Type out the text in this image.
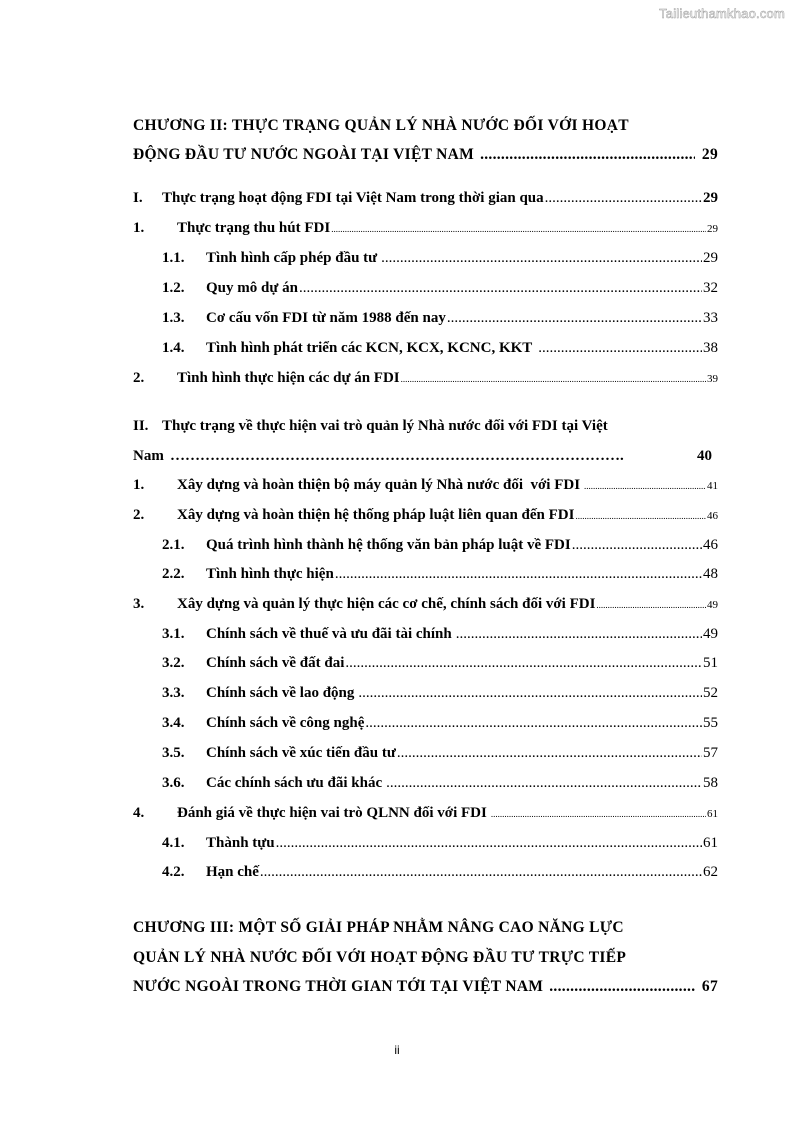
Tailieuthamkhao.com
CHƯƠNG II: THỰC TRẠNG QUẢN LÝ NHÀ NƯỚC ĐỐI VỚI HOẠT
ĐỘNG ĐẦU TƯ NƯỚC NGOÀI TẠI VIỆT NAM .....	29
I.	Thực trạng hoạt động FDI tại Việt Nam trong thời gian qua .....	29
1.	Thực trạng thu hút FDI .....	29
1.1.	Tình hình cấp phép đầu tư .....	29
1.2.	Quy mô dự án .....	32
1.3.	Cơ cấu vốn FDI từ năm 1988 đến nay .....	33
1.4.	Tình hình phát triển các KCN, KCX, KCNC, KKT .....	38
2.	Tình hình thực hiện các dự án FDI .....	39
II. Thực trạng về thực hiện vai trò quản lý Nhà nước đối với FDI tại Việt
Nam ……………………………………………………………………………….	40
1.	Xây dựng và hoàn thiện bộ máy quản lý Nhà nước đối  với FDI .....	41
2.	Xây dựng và hoàn thiện hệ thống pháp luật liên quan đến FDI .....	46
2.1.	Quá trình hình thành hệ thống văn bản pháp luật về FDI .....	46
2.2.	Tình hình thực hiện .....	48
3.	Xây dựng và quản lý thực hiện các cơ chế, chính sách đối với FDI .....	49
3.1.	Chính sách về thuế và ưu đãi tài chính .....	49
3.2.	Chính sách về đất đai .....	51
3.3.	Chính sách về lao động .....	52
3.4.	Chính sách về công nghệ .....	55
3.5.	Chính sách về xúc tiến đầu tư .....	57
3.6.	Các chính sách ưu đãi khác .....	58
4.	Đánh giá về thực hiện vai trò QLNN đối với FDI .....	61
4.1.	Thành tựu .....	61
4.2.	Hạn chế .....	62
CHƯƠNG III: MỘT SỐ GIẢI PHÁP NHẰM NÂNG CAO NĂNG LỰC
QUẢN LÝ NHÀ NƯỚC ĐỐI VỚI HOẠT ĐỘNG ĐẦU TƯ TRỰC TIẾP
NƯỚC NGOÀI TRONG THỜI GIAN TỚI TẠI VIỆT NAM .....	67
ii
